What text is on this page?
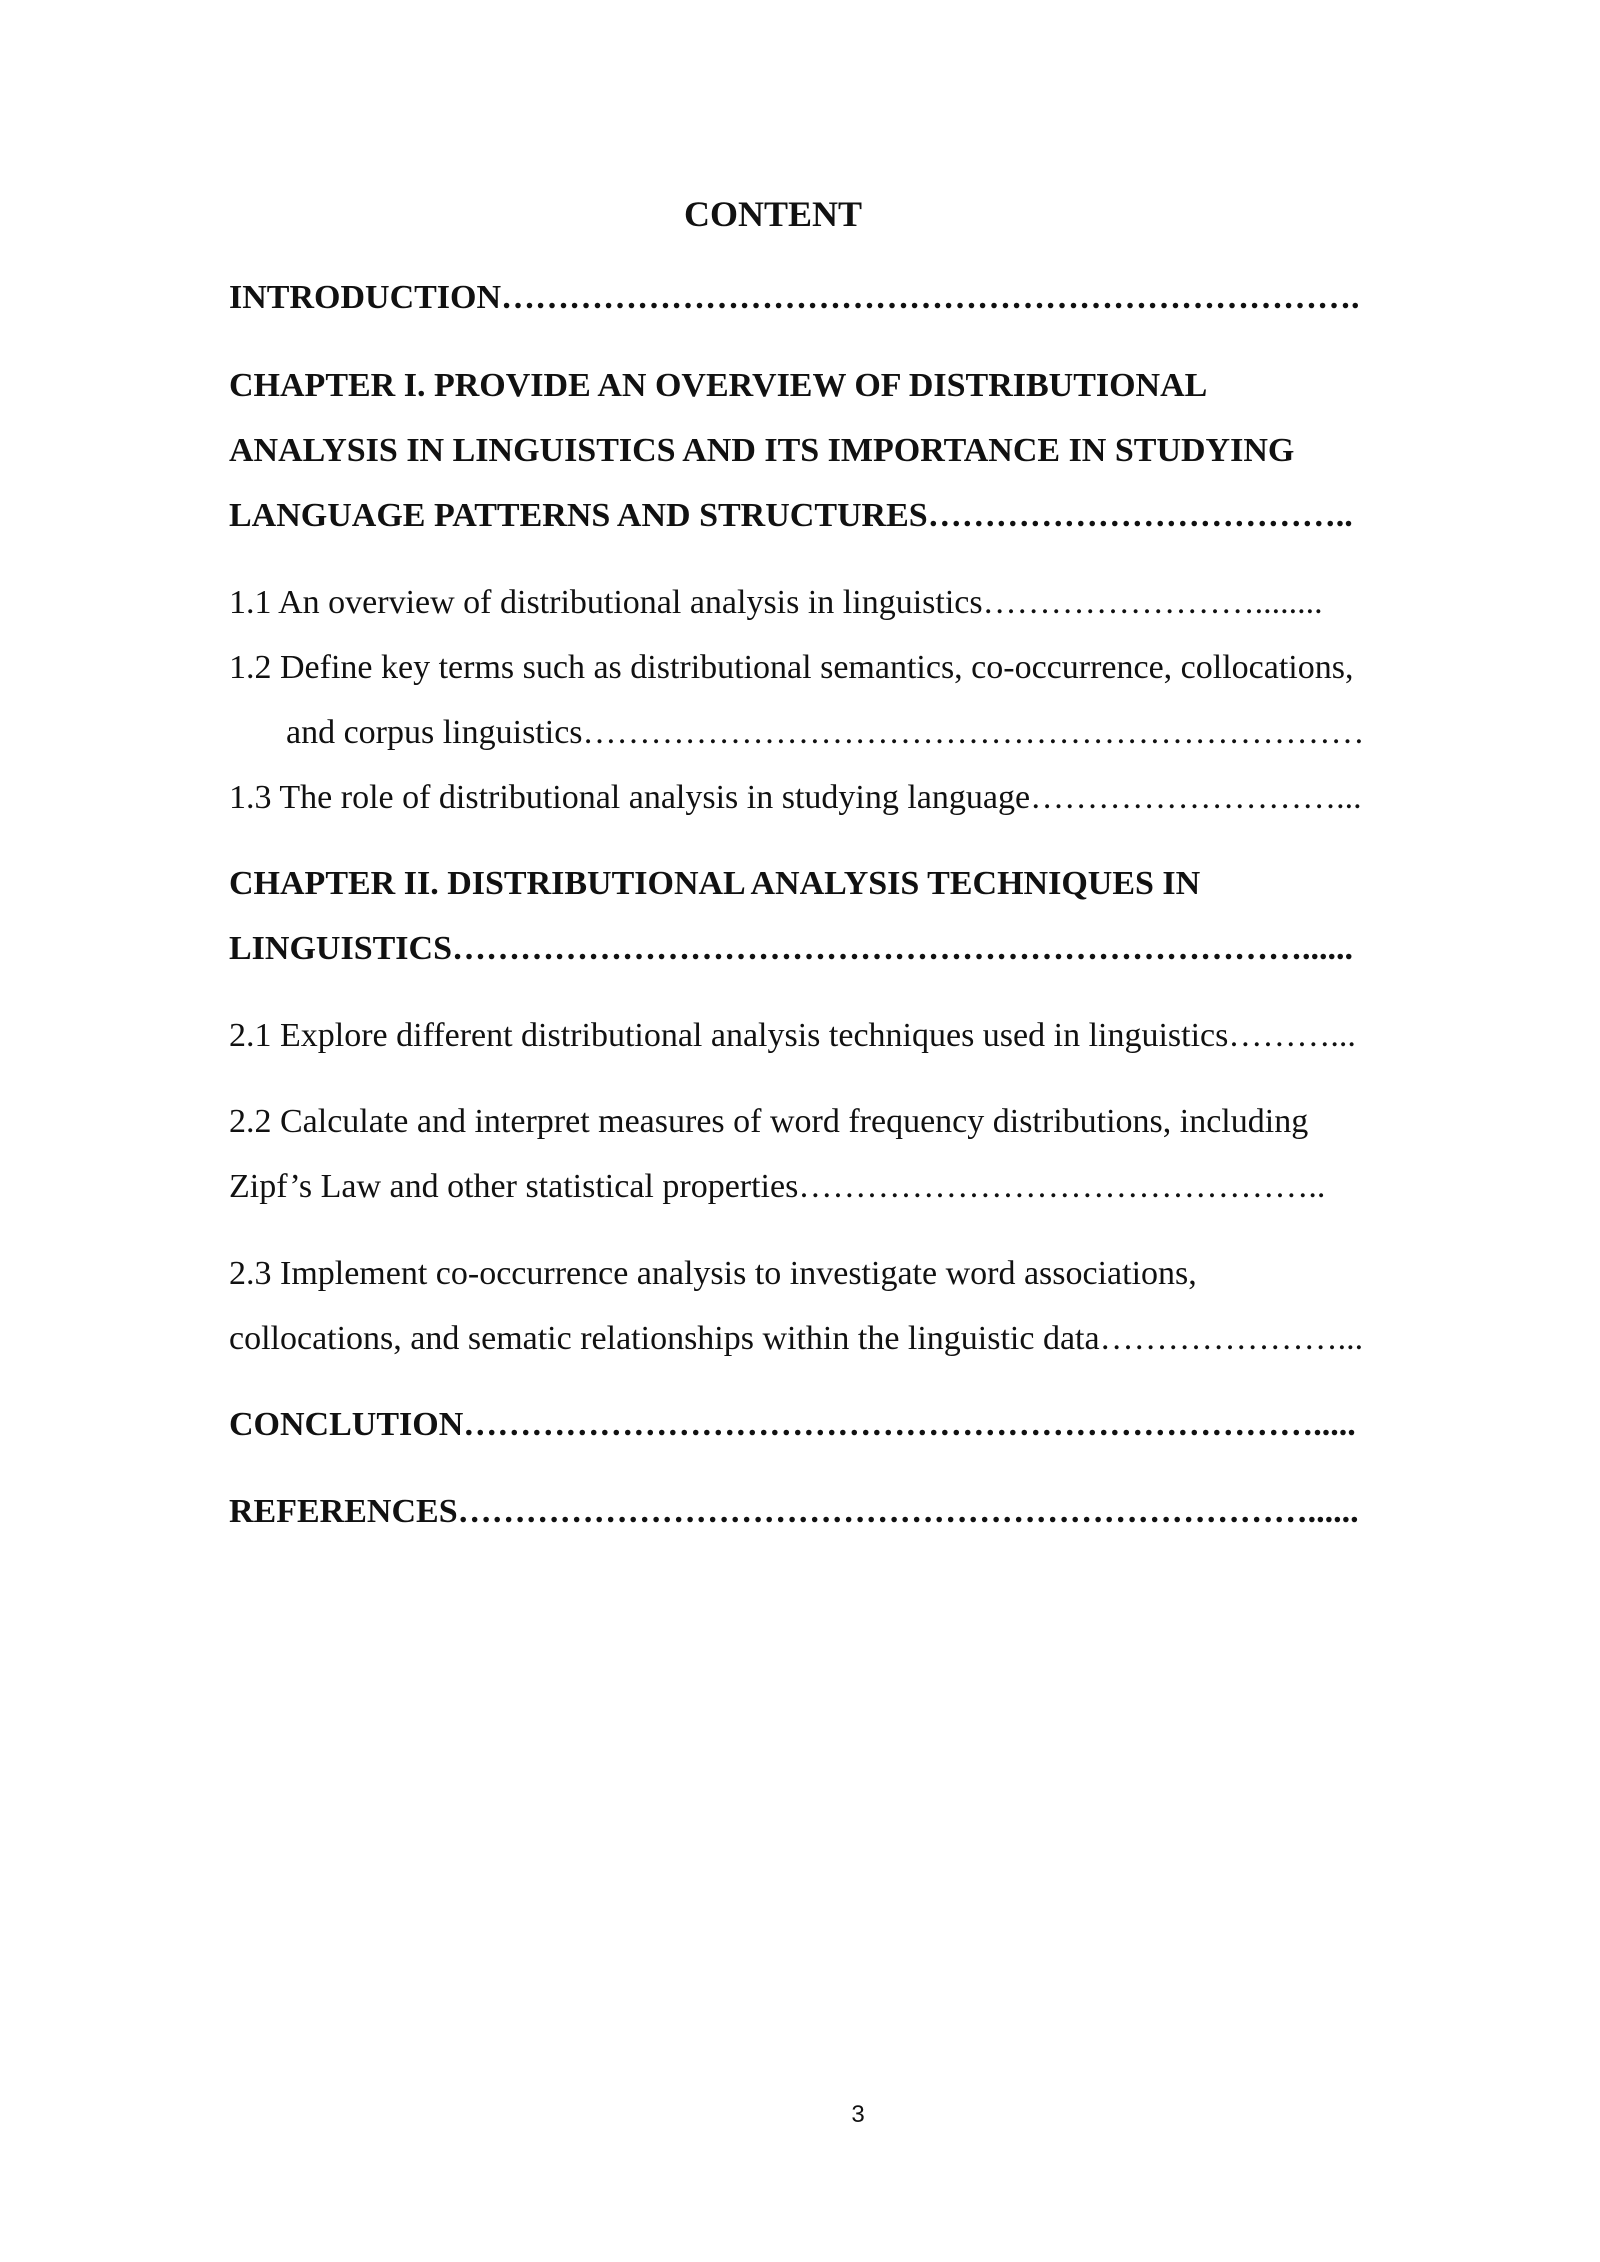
CONTENT

INTRODUCTION………………………………………………………………….

CHAPTER I. PROVIDE AN OVERVIEW OF DISTRIBUTIONAL

ANALYSIS IN LINGUISTICS AND ITS IMPORTANCE IN STUDYING

LANGUAGE PATTERNS AND STRUCTURES………………………………..

1.1 An overview of distributional analysis in linguistics……………………........

1.2 Define key terms such as distributional semantics, co-occurrence, collocations,

and corpus linguistics……………………………………………………………

1.3 The role of distributional analysis in studying language………………………...

CHAPTER II. DISTRIBUTIONAL ANALYSIS TECHNIQUES IN

LINGUISTICS…………………………………………………………………......

2.1 Explore different distributional analysis techniques used in linguistics………...

2.2 Calculate and interpret measures of word frequency distributions, including

Zipf’s Law and other statistical properties………………………………………..

2.3 Implement co-occurrence analysis to investigate word associations,

collocations, and sematic relationships within the linguistic data…………………...

CONCLUTION………………………………………………………………….....

REFERENCES…………………………………………………………………......

3
